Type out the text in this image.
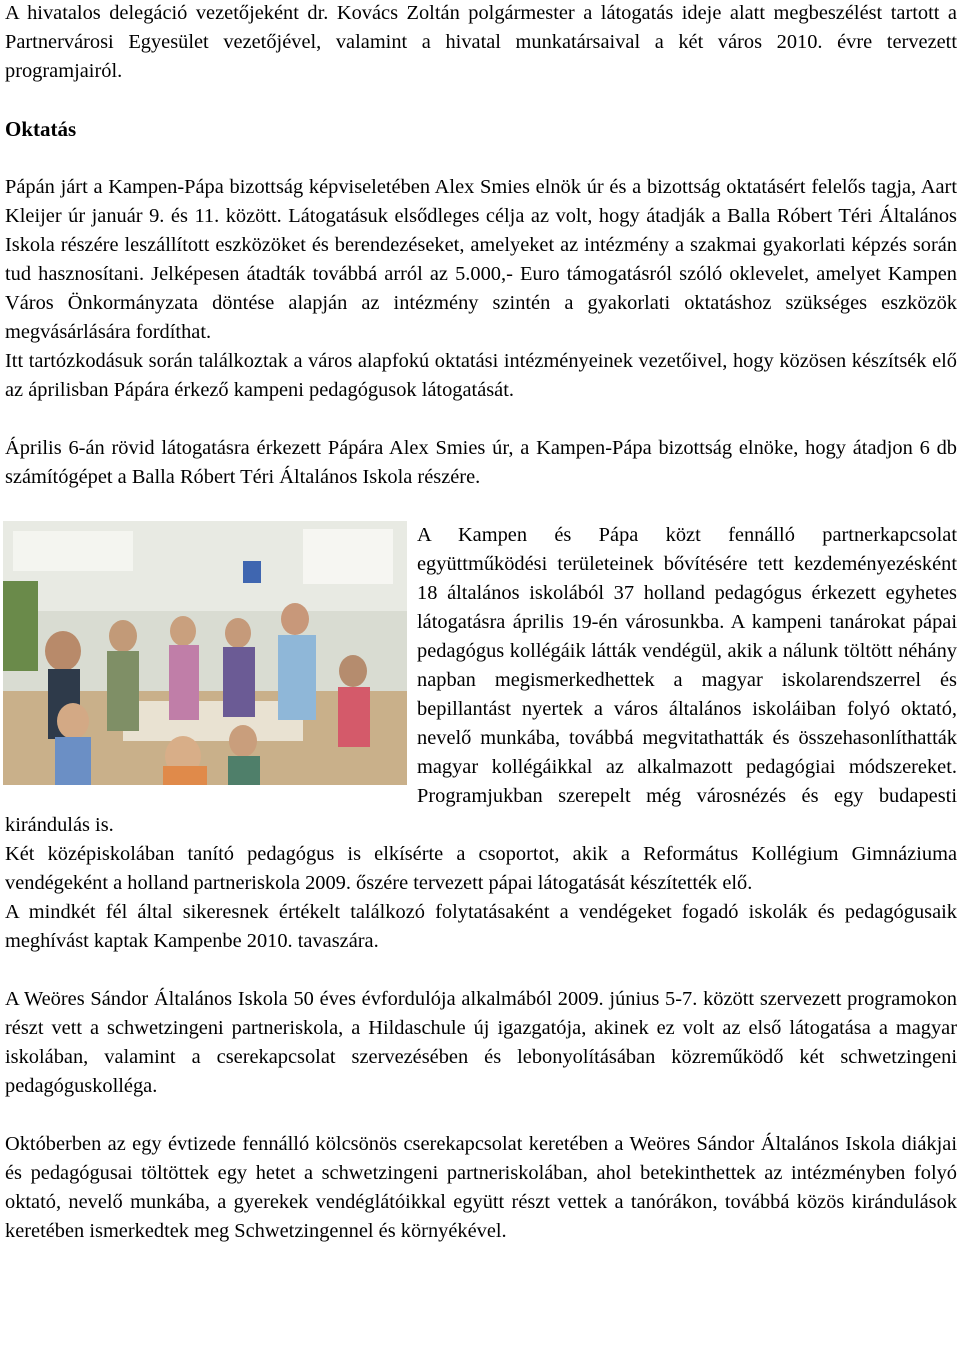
A hivatalos delegáció vezetőjeként dr. Kovács Zoltán polgármester a látogatás ideje alatt megbeszélést tartott a Partnervárosi Egyesület vezetőjével, valamint a hivatal munkatársaival a két város 2010. évre tervezett programjairól.

Oktatás

Pápán járt a Kampen-Pápa bizottság képviseletében Alex Smies elnök úr és a bizottság oktatásért felelős tagja, Aart Kleijer úr január 9. és 11. között. Látogatásuk elsődleges célja az volt, hogy átadják a Balla Róbert Téri Általános Iskola részére leszállított eszközöket és berendezéseket, amelyeket az intézmény a szakmai gyakorlati képzés során tud hasznosítani. Jelképesen átadták továbbá arról az 5.000,- Euro támogatásról szóló oklevelet, amelyet Kampen Város Önkormányzata döntése alapján az intézmény szintén a gyakorlati oktatáshoz szükséges eszközök megvásárlására fordíthat.

Itt tartózkodásuk során találkoztak a város alapfokú oktatási intézményeinek vezetőivel, hogy közösen készítsék elő az áprilisban Pápára érkező kampeni pedagógusok látogatását.

Április 6-án rövid látogatásra érkezett Pápára Alex Smies úr, a Kampen-Pápa bizottság elnöke, hogy átadjon 6 db számítógépet a Balla Róbert Téri Általános Iskola részére.

A Kampen és Pápa közt fennálló partnerkapcsolat együttműködési területeinek bővítésére tett kezdeményezésként 18 általános iskolából 37 holland pedagógus érkezett egyhetes látogatásra április 19-én városunkba. A kampeni tanárokat pápai pedagógus kollégáik látták vendégül, akik a nálunk töltött néhány napban megismerkedhettek a magyar iskolarendszerrel és bepillantást nyertek a város általános iskoláiban folyó oktató, nevelő munkába, továbbá megvitathatták és összehasonlíthatták magyar kollégáikkal az alkalmazott pedagógiai módszereket. Programjukban szerepelt még városnézés és egy budapesti kirándulás is.

Két középiskolában tanító pedagógus is elkísérte a csoportot, akik a Református Kollégium Gimnáziuma vendégeként a holland partneriskola 2009. őszére tervezett pápai látogatását készítették elő.

A mindkét fél által sikeresnek értékelt találkozó folytatásaként a vendégeket fogadó iskolák és pedagógusaik meghívást kaptak Kampenbe 2010. tavaszára.

A Weöres Sándor Általános Iskola 50 éves évfordulója alkalmából 2009. június 5-7. között szervezett programokon részt vett a schwetzingeni partneriskola, a Hildaschule új igazgatója, akinek ez volt az első látogatása a magyar iskolában, valamint a cserekapcsolat szervezésében és lebonyolításában közreműködő két schwetzingeni pedagóguskollégа.

Októberben az egy évtizede fennálló kölcsönös cserekapcsolat keretében a Weöres Sándor Általános Iskola diákjai és pedagógusai töltöttek egy hetet a schwetzingeni partneriskolában, ahol betekinthettek az intézményben folyó oktató, nevelő munkába, a gyerekek vendéglátóikkal együtt részt vettek a tanórákon, továbbá közös kirándulások keretében ismerkedtek meg Schwetzingennel és környékével.
